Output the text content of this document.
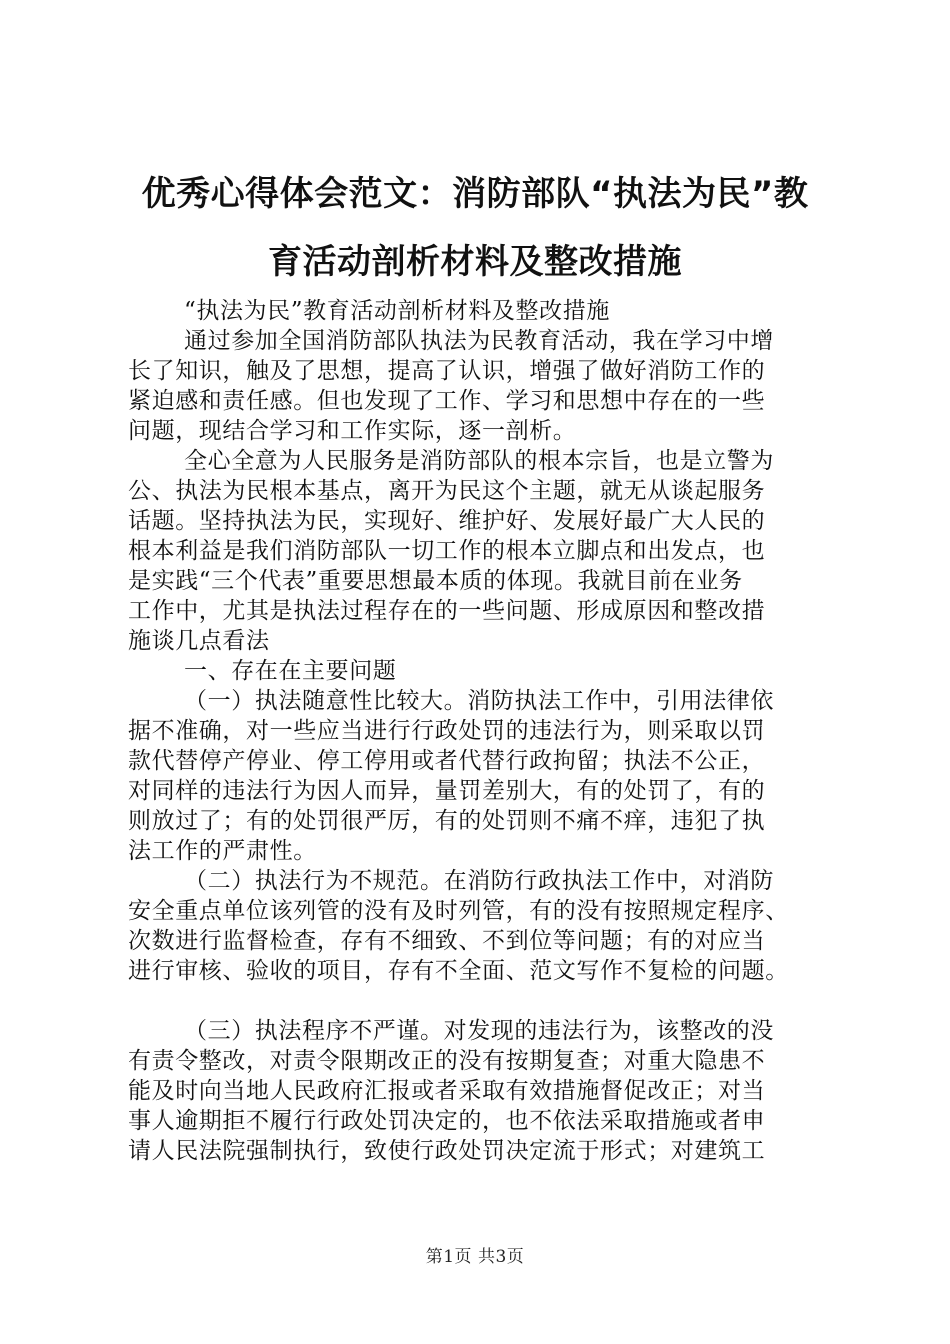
优秀心得体会范文：消防部队“执法为民”教
育活动剖析材料及整改措施

“执法为民”教育活动剖析材料及整改措施

通过参加全国消防部队执法为民教育活动，我在学习中增
长了知识，触及了思想，提高了认识，增强了做好消防工作的
紧迫感和责任感。但也发现了工作、学习和思想中存在的一些
问题，现结合学习和工作实际，逐一剖析。

全心全意为人民服务是消防部队的根本宗旨，也是立警为
公、执法为民根本基点，离开为民这个主题，就无从谈起服务
话题。坚持执法为民，实现好、维护好、发展好最广大人民的
根本利益是我们消防部队一切工作的根本立脚点和出发点，也
是实践“三个代表”重要思想最本质的体现。我就目前在业务
工作中，尤其是执法过程存在的一些问题、形成原因和整改措
施谈几点看法

一、存在在主要问题

（一）执法随意性比较大。消防执法工作中，引用法律依
据不准确，对一些应当进行行政处罚的违法行为，则采取以罚
款代替停产停业、停工停用或者代替行政拘留；执法不公正，
对同样的违法行为因人而异，量罚差别大，有的处罚了，有的
则放过了；有的处罚很严厉，有的处罚则不痛不痒，违犯了执
法工作的严肃性。

（二）执法行为不规范。在消防行政执法工作中，对消防
安全重点单位该列管的没有及时列管，有的没有按照规定程序、
次数进行监督检查，存有不细致、不到位等问题；有的对应当
进行审核、验收的项目，存有不全面、范文写作不复检的问题。

（三）执法程序不严谨。对发现的违法行为，该整改的没
有责令整改，对责令限期改正的没有按期复查；对重大隐患不
能及时向当地人民政府汇报或者采取有效措施督促改正；对当
事人逾期拒不履行行政处罚决定的，也不依法采取措施或者申
请人民法院强制执行，致使行政处罚决定流于形式；对建筑工

第1页 共3页
